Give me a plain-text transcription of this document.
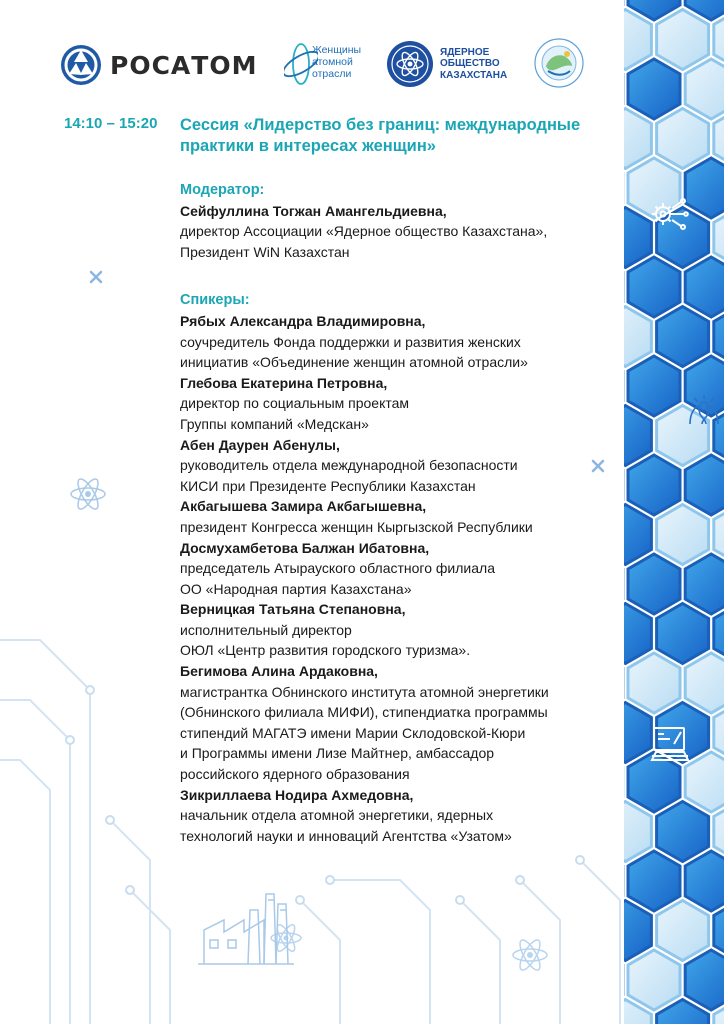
РОСАТОМ
Женщины
атомной
отрасли
ЯДЕРНОЕ
ОБЩЕСТВО
КАЗАХСТАНА
14:10 – 15:20 Сессия «Лидерство без границ: международные практики в интересах женщин»
Модератор:
Сейфуллина Тогжан Амангельдиевна,
директор Ассоциации «Ядерное общество Казахстана»,
Президент WiN Казахстан
Спикеры:
Рябых Александра Владимировна,
соучредитель Фонда поддержки и развития женских
инициатив «Объединение женщин атомной отрасли»
Глебова Екатерина Петровна,
директор по социальным проектам
Группы компаний «Медскан»
Абен Даурен Абенулы,
руководитель отдела международной безопасности
КИСИ при Президенте Республики Казахстан
Акбагышева Замира Акбагышевна,
президент Конгресса женщин Кыргызской Республики
Досмухамбетова Балжан Ибатовна,
председатель Атырауского областного филиала
ОО «Народная партия Казахстана»
Верницкая Татьяна Степановна,
исполнительный директор
ОЮЛ «Центр развития городского туризма».
Бегимова Алина Ардаковна,
магистрантка Обнинского института атомной энергетики
(Обнинского филиала МИФИ), стипендиатка программы
стипендий МАГАТЭ имени Марии Склодовской-Кюри
и Программы имени Лизе Майтнер, амбассадор
российского ядерного образования
Зикриллаева Нодира Ахмедовна,
начальник отдела атомной энергетики, ядерных
технологий науки и инноваций Агентства «Узатом»
